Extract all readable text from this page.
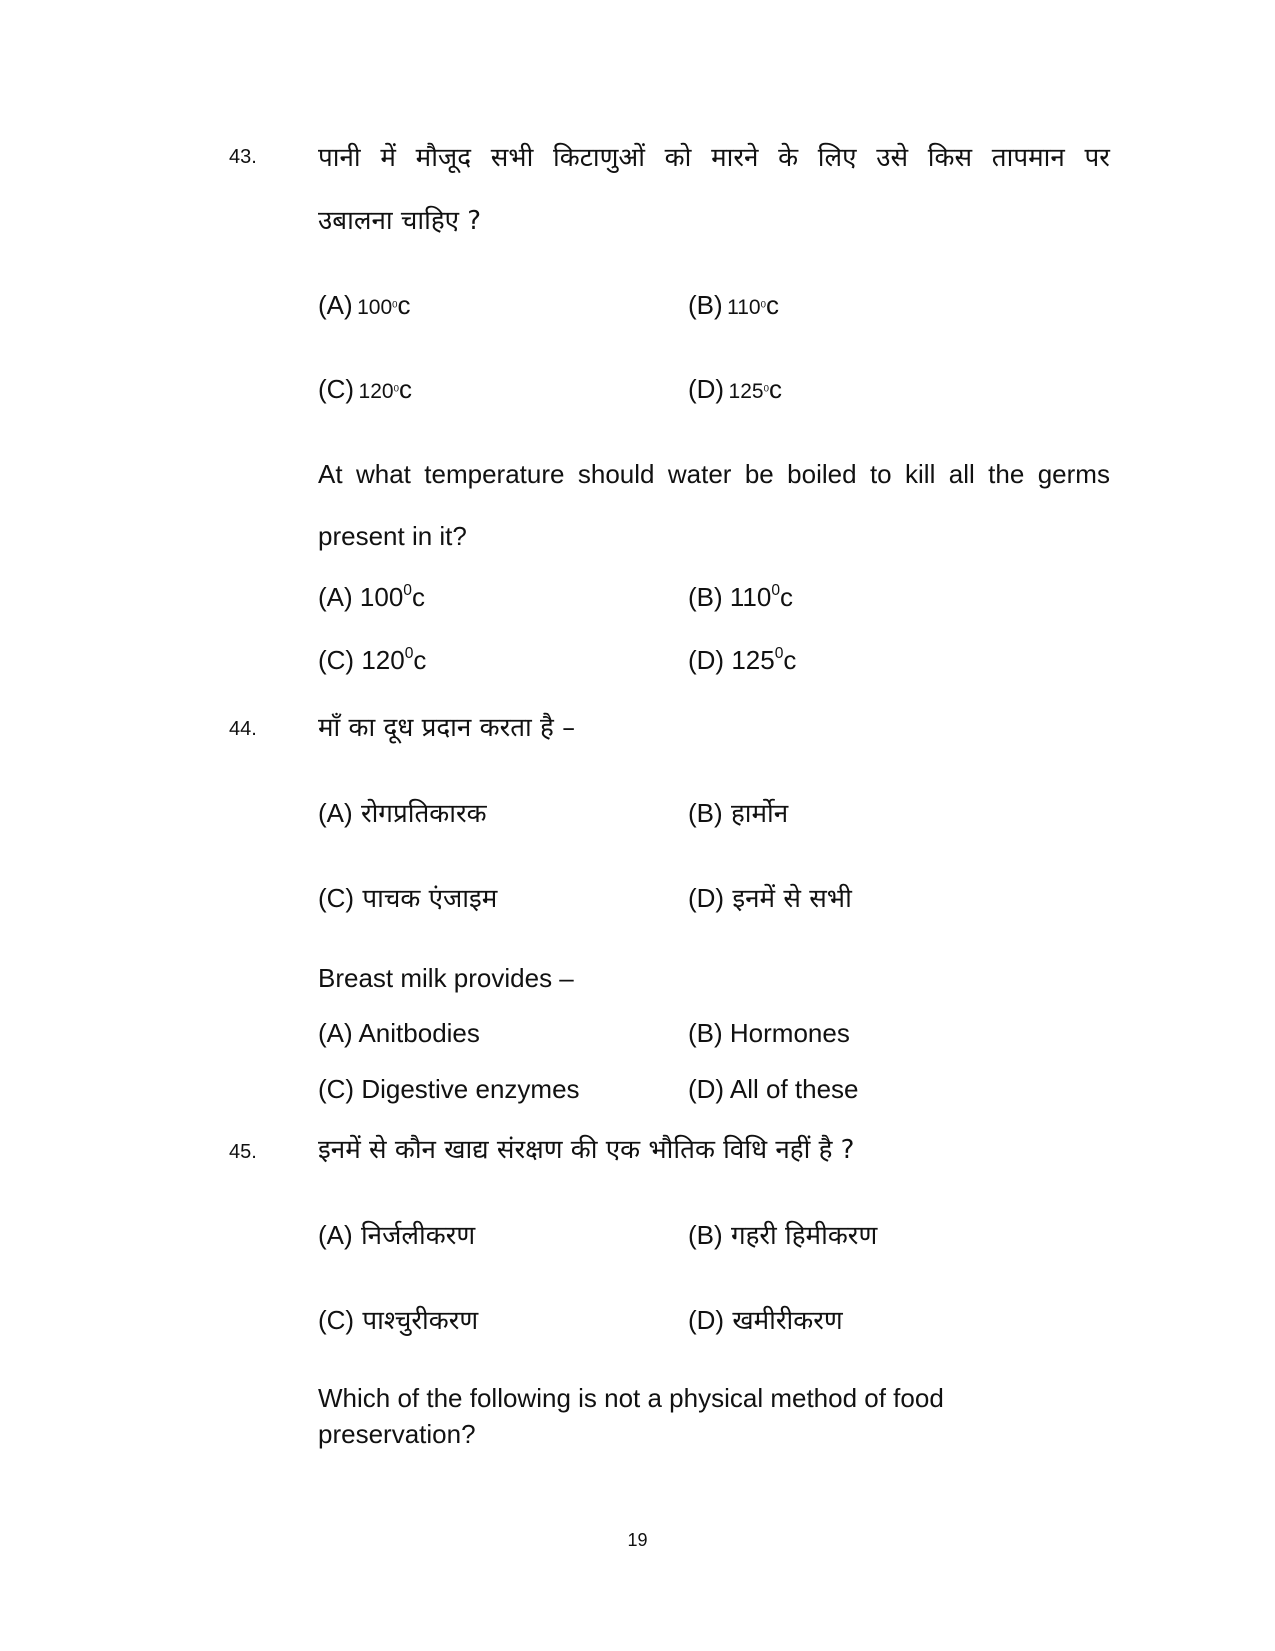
43. पानी में मौजूद सभी किटाणुओं को मारने के लिए उसे किस तापमान पर
उबालना चाहिए ?
(A) $100^0c$	(B) $110^0c$
(C) $120^0c$	(D) $125^0c$
At what temperature should water be boiled to kill all the germs
present in it?
(A) $100^0c$	(B) $110^0c$
(C) $120^0c$	(D) $125^0c$
44. माँ का दूध प्रदान करता है –
(A) रोगप्रतिकारक	(B) हार्मोन
(C) पाचक एंजाइम	(D) इनमें से सभी
Breast milk provides –
(A) Anitbodies	(B) Hormones
(C) Digestive enzymes	(D) All of these
45. इनमें से कौन खाद्य संरक्षण की एक भौतिक विधि नहीं है ?
(A) निर्जलीकरण	(B) गहरी हिमीकरण
(C) पाश्चुरीकरण	(D) खमीरीकरण
Which of the following is not a physical method of food
preservation?
19
